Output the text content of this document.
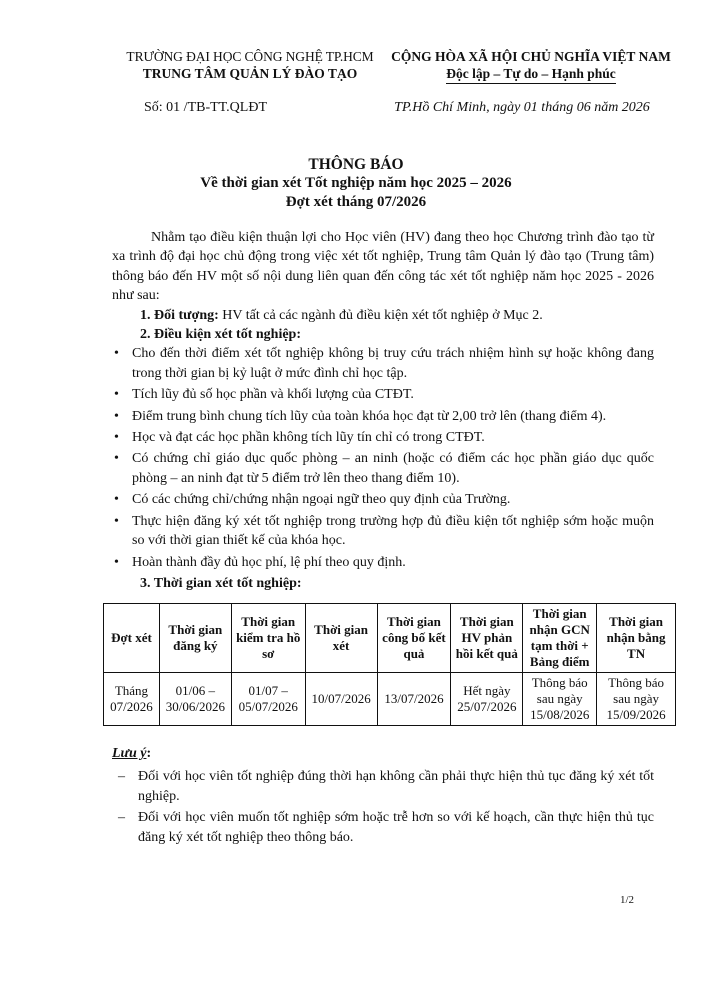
TRƯỜNG ĐẠI HỌC CÔNG NGHỆ TP.HCM
TRUNG TÂM QUẢN LÝ ĐÀO TẠO
CỘNG HÒA XÃ HỘI CHỦ NGHĨA VIỆT NAM
Độc lập – Tự do – Hạnh phúc
Số: 01 /TB-TT.QLĐT	TP.Hồ Chí Minh, ngày 01 tháng 06 năm 2026
THÔNG BÁO
Về thời gian xét Tốt nghiệp năm học 2025 – 2026
Đợt xét tháng 07/2026

Nhằm tạo điều kiện thuận lợi cho Học viên (HV) đang theo học Chương trình đào tạo từ xa trình độ đại học chủ động trong việc xét tốt nghiệp, Trung tâm Quản lý đào tạo (Trung tâm) thông báo đến HV một số nội dung liên quan đến công tác xét tốt nghiệp năm học 2025 - 2026 như sau:

1. Đối tượng: HV tất cả các ngành đủ điều kiện xét tốt nghiệp ở Mục 2.

2. Điều kiện xét tốt nghiệp:

• Cho đến thời điểm xét tốt nghiệp không bị truy cứu trách nhiệm hình sự hoặc không đang trong thời gian bị kỷ luật ở mức đình chỉ học tập.
• Tích lũy đủ số học phần và khối lượng của CTĐT.
• Điểm trung bình chung tích lũy của toàn khóa học đạt từ 2,00 trở lên (thang điểm 4).
• Học và đạt các học phần không tích lũy tín chỉ có trong CTĐT.
• Có chứng chỉ giáo dục quốc phòng – an ninh (hoặc có điểm các học phần giáo dục quốc phòng – an ninh đạt từ 5 điểm trở lên theo thang điểm 10).
• Có các chứng chỉ/chứng nhận ngoại ngữ theo quy định của Trường.
• Thực hiện đăng ký xét tốt nghiệp trong trường hợp đủ điều kiện tốt nghiệp sớm hoặc muộn so với thời gian thiết kế của khóa học.
• Hoàn thành đầy đủ học phí, lệ phí theo quy định.

3. Thời gian xét tốt nghiệp:

Đợt xét	Thời gian đăng ký	Thời gian kiểm tra hồ sơ	Thời gian xét	Thời gian công bố kết quả	Thời gian HV phản hồi kết quả	Thời gian nhận GCN tạm thời + Bảng điểm	Thời gian nhận bằng TN
Tháng 07/2026	01/06 – 30/06/2026	01/07 – 05/07/2026	10/07/2026	13/07/2026	Hết ngày 25/07/2026	Thông báo sau ngày 15/08/2026	Thông báo sau ngày 15/09/2026
Lưu ý:
– Đối với học viên tốt nghiệp đúng thời hạn không cần phải thực hiện thủ tục đăng ký xét tốt nghiệp.
– Đối với học viên muốn tốt nghiệp sớm hoặc trễ hơn so với kế hoạch, cần thực hiện thủ tục đăng ký xét tốt nghiệp theo thông báo.
1/2
